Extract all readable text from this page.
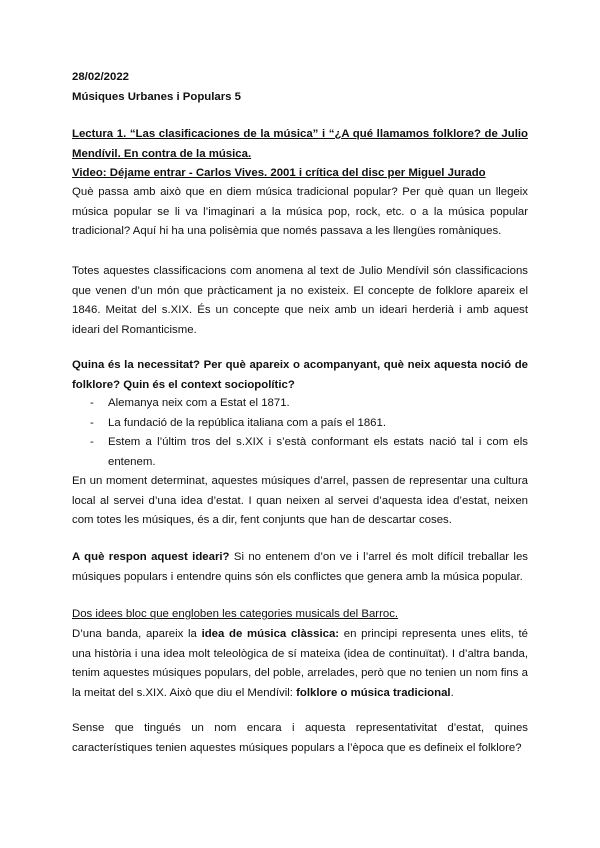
28/02/2022

Músiques Urbanes i Populars 5

Lectura 1. “Las clasificaciones de la música” i “¿A qué llamamos folklore? de Julio Mendívil. En contra de la música.

Video: Déjame entrar - Carlos Vives. 2001 i crítica del disc per Miguel Jurado

Què passa amb això que en diem música tradicional popular? Per què quan un llegeix música popular se li va l’imaginari a la música pop, rock, etc. o a la música popular tradicional? Aquí hi ha una polisèmia que només passava a les llengües romàniques.

Totes aquestes classificacions com anomena al text de Julio Mendívil són classificacions que venen d’un món que pràcticament ja no existeix. El concepte de folklore apareix el 1846. Meitat del s.XIX. És un concepte que neix amb un ideari herderià i amb aquest ideari del Romanticisme.

Quina és la necessitat? Per què apareix o acompanyant, què neix aquesta noció de folklore? Quin és el context sociopolític?

-	Alemanya neix com a Estat el 1871.
-	La fundació de la república italiana com a país el 1861.
-	Estem a l’últim tros del s.XIX i s’està conformant els estats nació tal i com els entenem.

En un moment determinat, aquestes músiques d’arrel, passen de representar una cultura local al servei d’una idea d’estat. I quan neixen al servei d’aquesta idea d’estat, neixen com totes les músiques, és a dir, fent conjunts que han de descartar coses.

A què respon aquest ideari? Si no entenem d’on ve i l’arrel és molt difícil treballar les músiques populars i entendre quins són els conflictes que genera amb la música popular.

Dos idees bloc que engloben les categories musicals del Barroc.

D’una banda, apareix la idea de música clàssica: en principi representa unes elits, té una història i una idea molt teleològica de sí mateixa (idea de continuïtat). I d’altra banda, tenim aquestes músiques populars, del poble, arrelades, però que no tenien un nom fins a la meitat del s.XIX. Això que diu el Mendívil: folklore o música tradicional.

Sense que tingués un nom encara i aquesta representativitat d’estat, quines característiques tenien aquestes músiques populars a l’època que es defineix el folklore?
